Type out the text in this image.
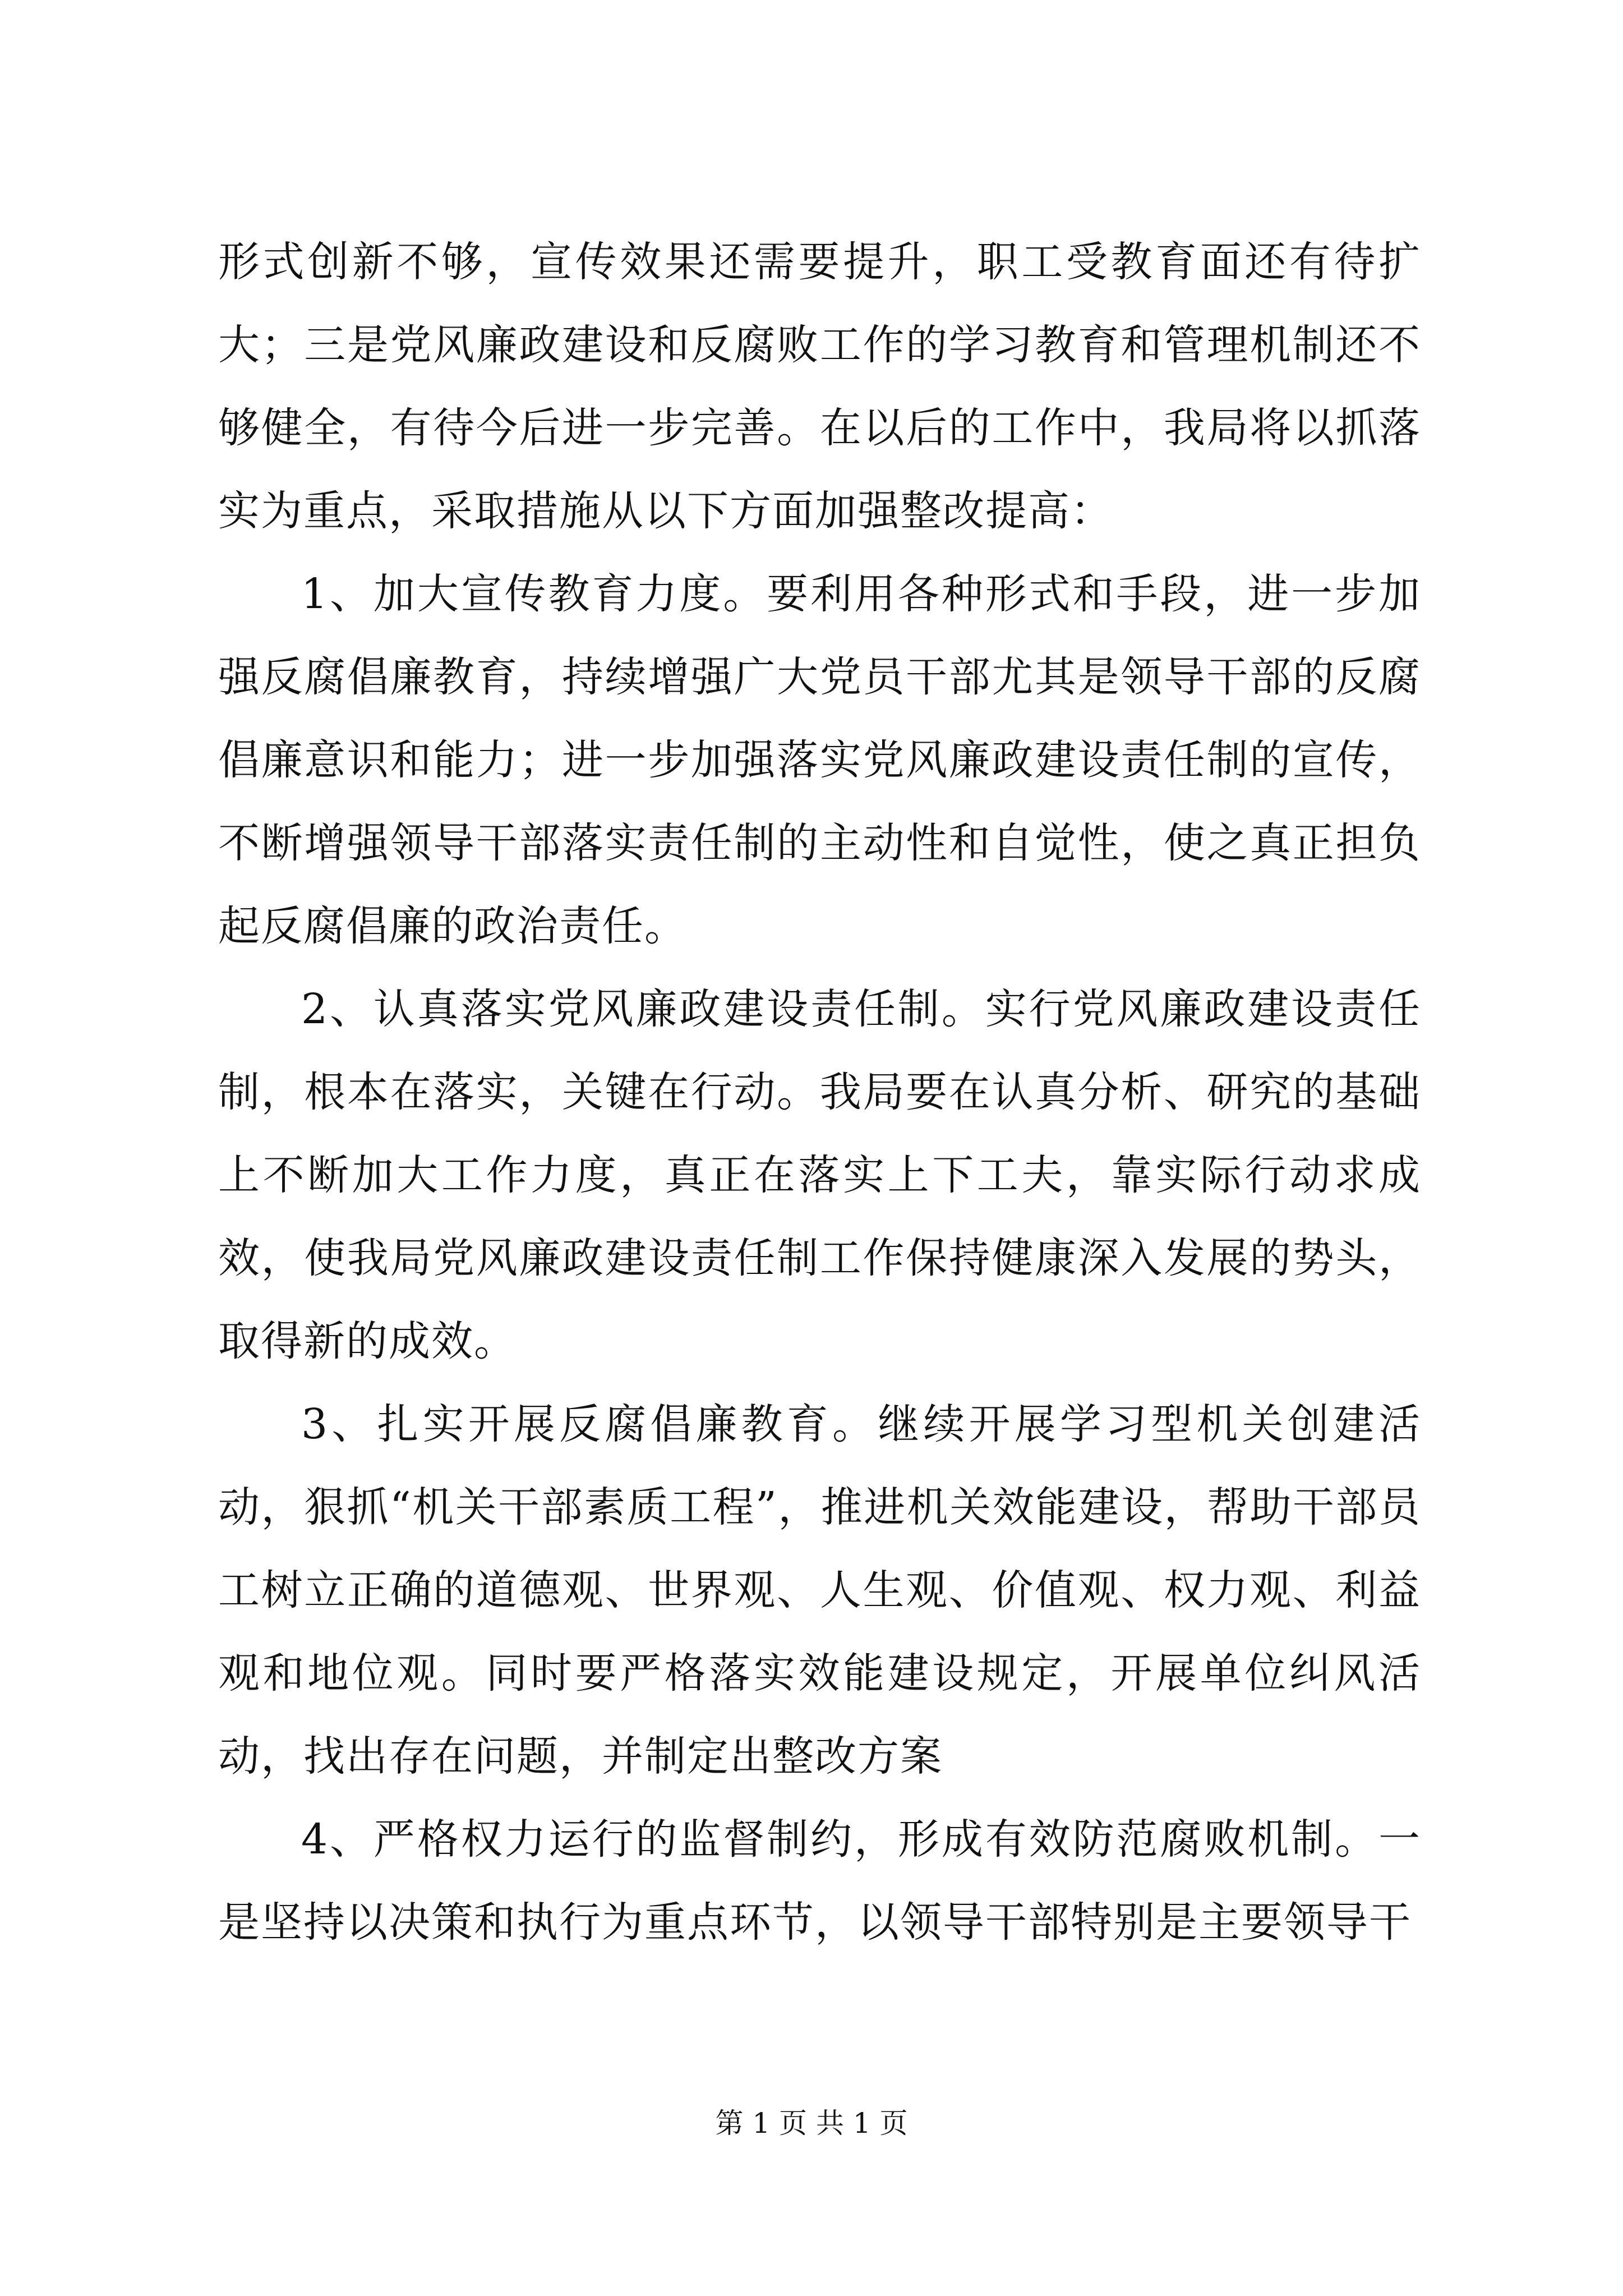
形式创新不够，宣传效果还需要提升，职工受教育面还有待扩大；三是党风廉政建设和反腐败工作的学习教育和管理机制还不够健全，有待今后进一步完善。在以后的工作中，我局将以抓落实为重点，采取措施从以下方面加强整改提高：

1、加大宣传教育力度。要利用各种形式和手段，进一步加强反腐倡廉教育，持续增强广大党员干部尤其是领导干部的反腐倡廉意识和能力；进一步加强落实党风廉政建设责任制的宣传，不断增强领导干部落实责任制的主动性和自觉性，使之真正担负起反腐倡廉的政治责任。

2、认真落实党风廉政建设责任制。实行党风廉政建设责任制，根本在落实，关键在行动。我局要在认真分析、研究的基础上不断加大工作力度，真正在落实上下工夫，靠实际行动求成效，使我局党风廉政建设责任制工作保持健康深入发展的势头，取得新的成效。

3、扎实开展反腐倡廉教育。继续开展学习型机关创建活动，狠抓“机关干部素质工程”，推进机关效能建设，帮助干部员工树立正确的道德观、世界观、人生观、价值观、权力观、利益观和地位观。同时要严格落实效能建设规定，开展单位纠风活动，找出存在问题，并制定出整改方案

4、严格权力运行的监督制约，形成有效防范腐败机制。一是坚持以决策和执行为重点环节，以领导干部特别是主要领导干

第 1 页 共 1 页
